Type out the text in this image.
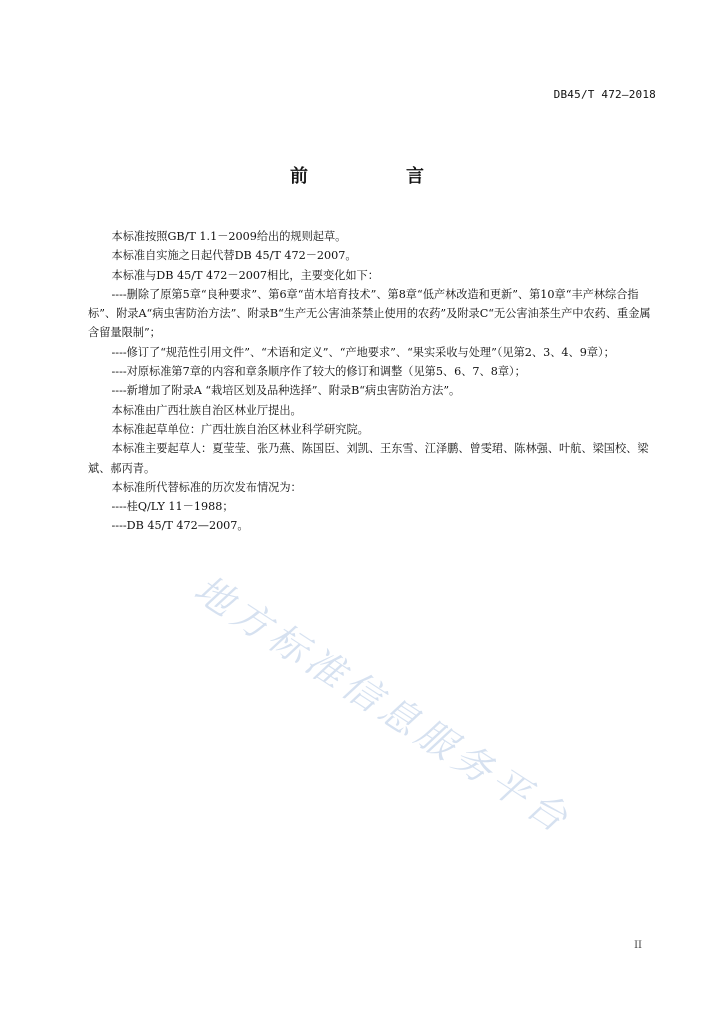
DB45/T 472—2018
前　言

本标准按照GB/T 1.1－2009给出的规则起草。

本标准自实施之日起代替DB 45/T 472－2007。

本标准与DB 45/T 472－2007相比，主要变化如下：

----删除了原第5章“良种要求”、第6章“苗木培育技术”、第8章“低产林改造和更新”、第10章“丰产林综合指标”、附录A“病虫害防治方法”、附录B“生产无公害油茶禁止使用的农药”及附录C“无公害油茶生产中农药、重金属含留量限制”；

----修订了“规范性引用文件”、“术语和定义”、“产地要求”、“果实采收与处理”（见第2、3、4、9章）；

----对原标准第7章的内容和章条顺序作了较大的修订和调整（见第5、6、7、8章）；

----新增加了附录A “栽培区划及品种选择”、附录B“病虫害防治方法”。

本标准由广西壮族自治区林业厅提出。

本标准起草单位：广西壮族自治区林业科学研究院。

本标准主要起草人：夏莹莹、张乃燕、陈国臣、刘凯、王东雪、江泽鹏、曾雯珺、陈林强、叶航、梁国校、梁斌、郝丙青。

本标准所代替标准的历次发布情况为：

----桂Q/LY 11－1988；

----DB 45/T 472—2007。

地方标准信息服务平台
II
